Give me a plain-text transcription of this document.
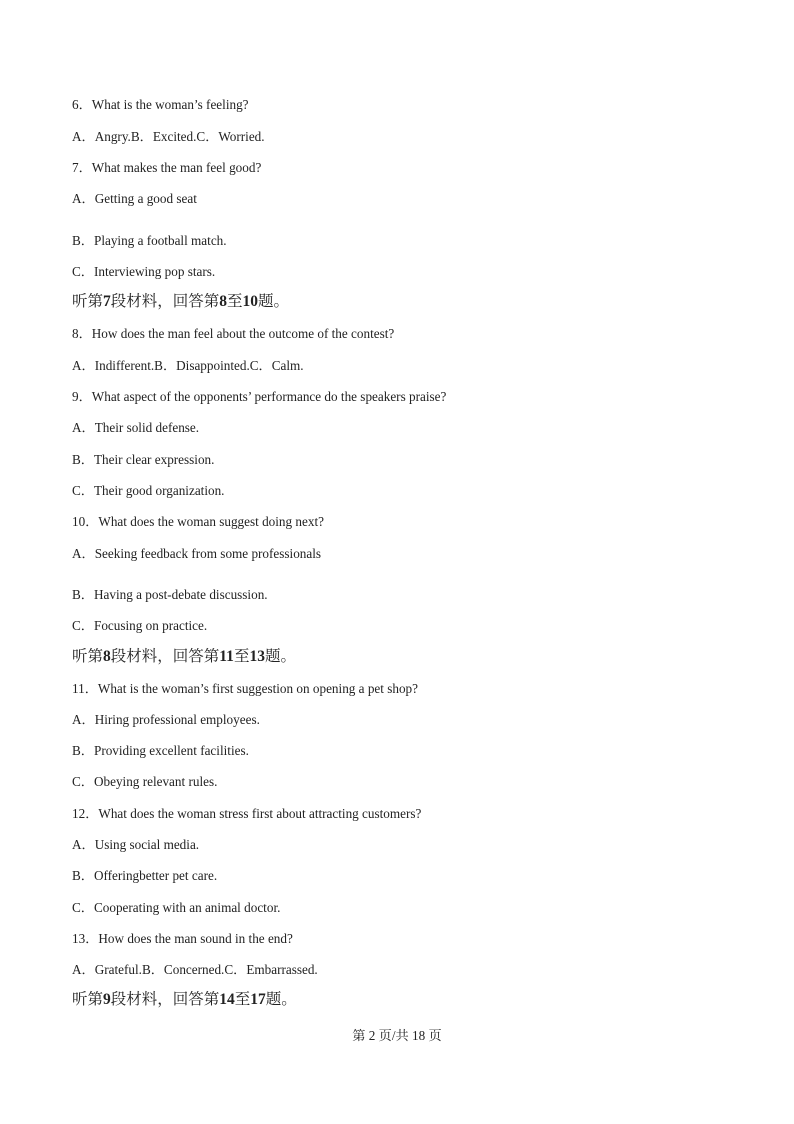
6．What is the woman’s feeling?
A．Angry.B．Excited.C．Worried.
7．What makes the man feel good?
A．Getting a good seat
B．Playing a football match.
C．Interviewing pop stars.
听第7段材料，回答第8至10题。
8．How does the man feel about the outcome of the contest?
A．Indifferent.B．Disappointed.C．Calm.
9．What aspect of the opponents’ performance do the speakers praise?
A．Their solid defense.
B．Their clear expression.
C．Their good organization.
10．What does the woman suggest doing next?
A．Seeking feedback from some professionals
B．Having a post-debate discussion.
C．Focusing on practice.
听第8段材料，回答第11至13题。
11．What is the woman’s first suggestion on opening a pet shop?
A．Hiring professional employees.
B．Providing excellent facilities.
C．Obeying relevant rules.
12．What does the woman stress first about attracting customers?
A．Using social media.
B．Offeringbetter pet care.
C．Cooperating with an animal doctor.
13．How does the man sound in the end?
A．Grateful.B．Concerned.C．Embarrassed.
听第9段材料，回答第14至17题。
第 2 页/共 18 页
